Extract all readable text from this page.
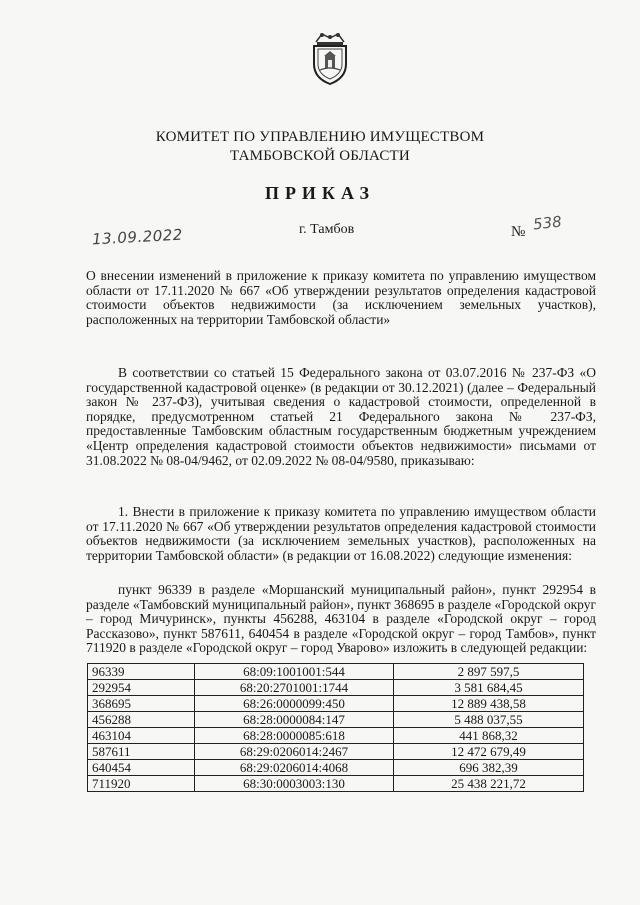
КОМИТЕТ ПО УПРАВЛЕНИЮ ИМУЩЕСТВОМ
ТАМБОВСКОЙ ОБЛАСТИ
ПРИКАЗ
13.09.2022	г. Тамбов	№ 538
О внесении изменений в приложение к приказу комитета по управлению имуществом области от 17.11.2020 № 667 «Об утверждении результатов определения кадастровой стоимости объектов недвижимости (за исключением земельных участков), расположенных на территории Тамбовской области»
В соответствии со статьей 15 Федерального закона от 03.07.2016 № 237-ФЗ «О государственной кадастровой оценке» (в редакции от 30.12.2021) (далее – Федеральный закон № 237-ФЗ), учитывая сведения о кадастровой стоимости, определенной в порядке, предусмотренном статьей 21 Федерального закона № 237-ФЗ, предоставленные Тамбовским областным государственным бюджетным учреждением «Центр определения кадастровой стоимости объектов недвижимости» письмами от 31.08.2022 № 08-04/9462, от 02.09.2022 № 08-04/9580, приказываю:
1. Внести в приложение к приказу комитета по управлению имуществом области от 17.11.2020 № 667 «Об утверждении результатов определения кадастровой стоимости объектов недвижимости (за исключением земельных участков), расположенных на территории Тамбовской области» (в редакции от 16.08.2022) следующие изменения:
пункт 96339 в разделе «Моршанский муниципальный район», пункт 292954 в разделе «Тамбовский муниципальный район», пункт 368695 в разделе «Городской округ – город Мичуринск», пункты 456288, 463104 в разделе «Городской округ – город Рассказово», пункт 587611, 640454 в разделе «Городской округ – город Тамбов», пункт 711920 в разделе «Городской округ – город Уварово» изложить в следующей редакции:
96339	68:09:1001001:544	2 897 597,5
292954	68:20:2701001:1744	3 581 684,45
368695	68:26:0000099:450	12 889 438,58
456288	68:28:0000084:147	5 488 037,55
463104	68:28:0000085:618	441 868,32
587611	68:29:0206014:2467	12 472 679,49
640454	68:29:0206014:4068	696 382,39
711920	68:30:0003003:130	25 438 221,72
